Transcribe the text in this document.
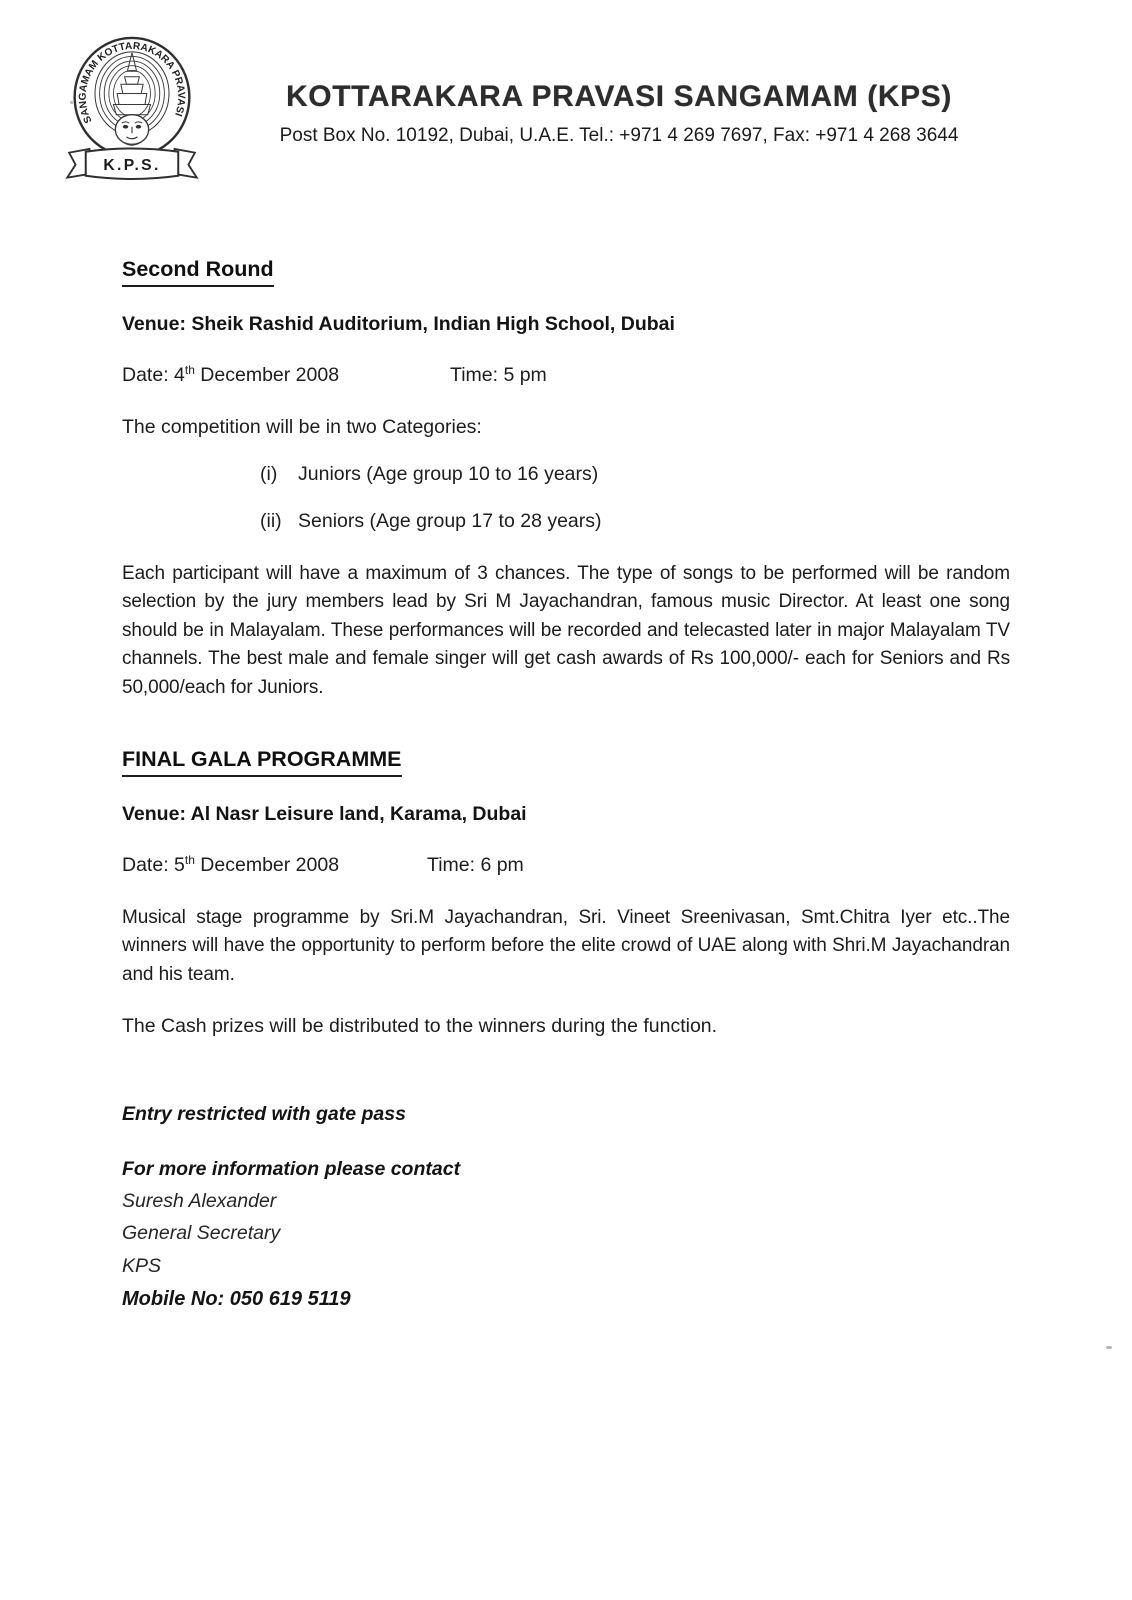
SANGAMAM KOTTARAKARA PRAVASI
K.P.S.
KOTTARAKARA PRAVASI SANGAMAM (KPS)
Post Box No. 10192, Dubai, U.A.E. Tel.: +971 4 269 7697, Fax: +971 4 268 3644
Second Round

Venue: Sheik Rashid Auditorium, Indian High School, Dubai

Date: 4th December 2008	Time: 5 pm

The competition will be in two Categories:

(i)	Juniors (Age group 10 to 16 years)
(ii) Seniors (Age group 17 to 28 years)

Each participant will have a maximum of 3 chances. The type of songs to be performed will be random selection by the jury members lead by Sri M Jayachandran, famous music Director. At least one song should be in Malayalam. These performances will be recorded and telecasted later in major Malayalam TV channels. The best male and female singer will get cash awards of Rs 100,000/- each for Seniors and Rs 50,000/each for Juniors.

FINAL GALA PROGRAMME

Venue: Al Nasr Leisure land, Karama, Dubai

Date: 5th December 2008	Time: 6 pm

Musical stage programme by Sri.M Jayachandran, Sri. Vineet Sreenivasan, Smt.Chitra Iyer etc..The winners will have the opportunity to perform before the elite crowd of UAE along with Shri.M Jayachandran and his team.

The Cash prizes will be distributed to the winners during the function.

Entry restricted with gate pass

For more information please contact

Suresh Alexander

General Secretary

KPS

Mobile No: 050 619 5119
